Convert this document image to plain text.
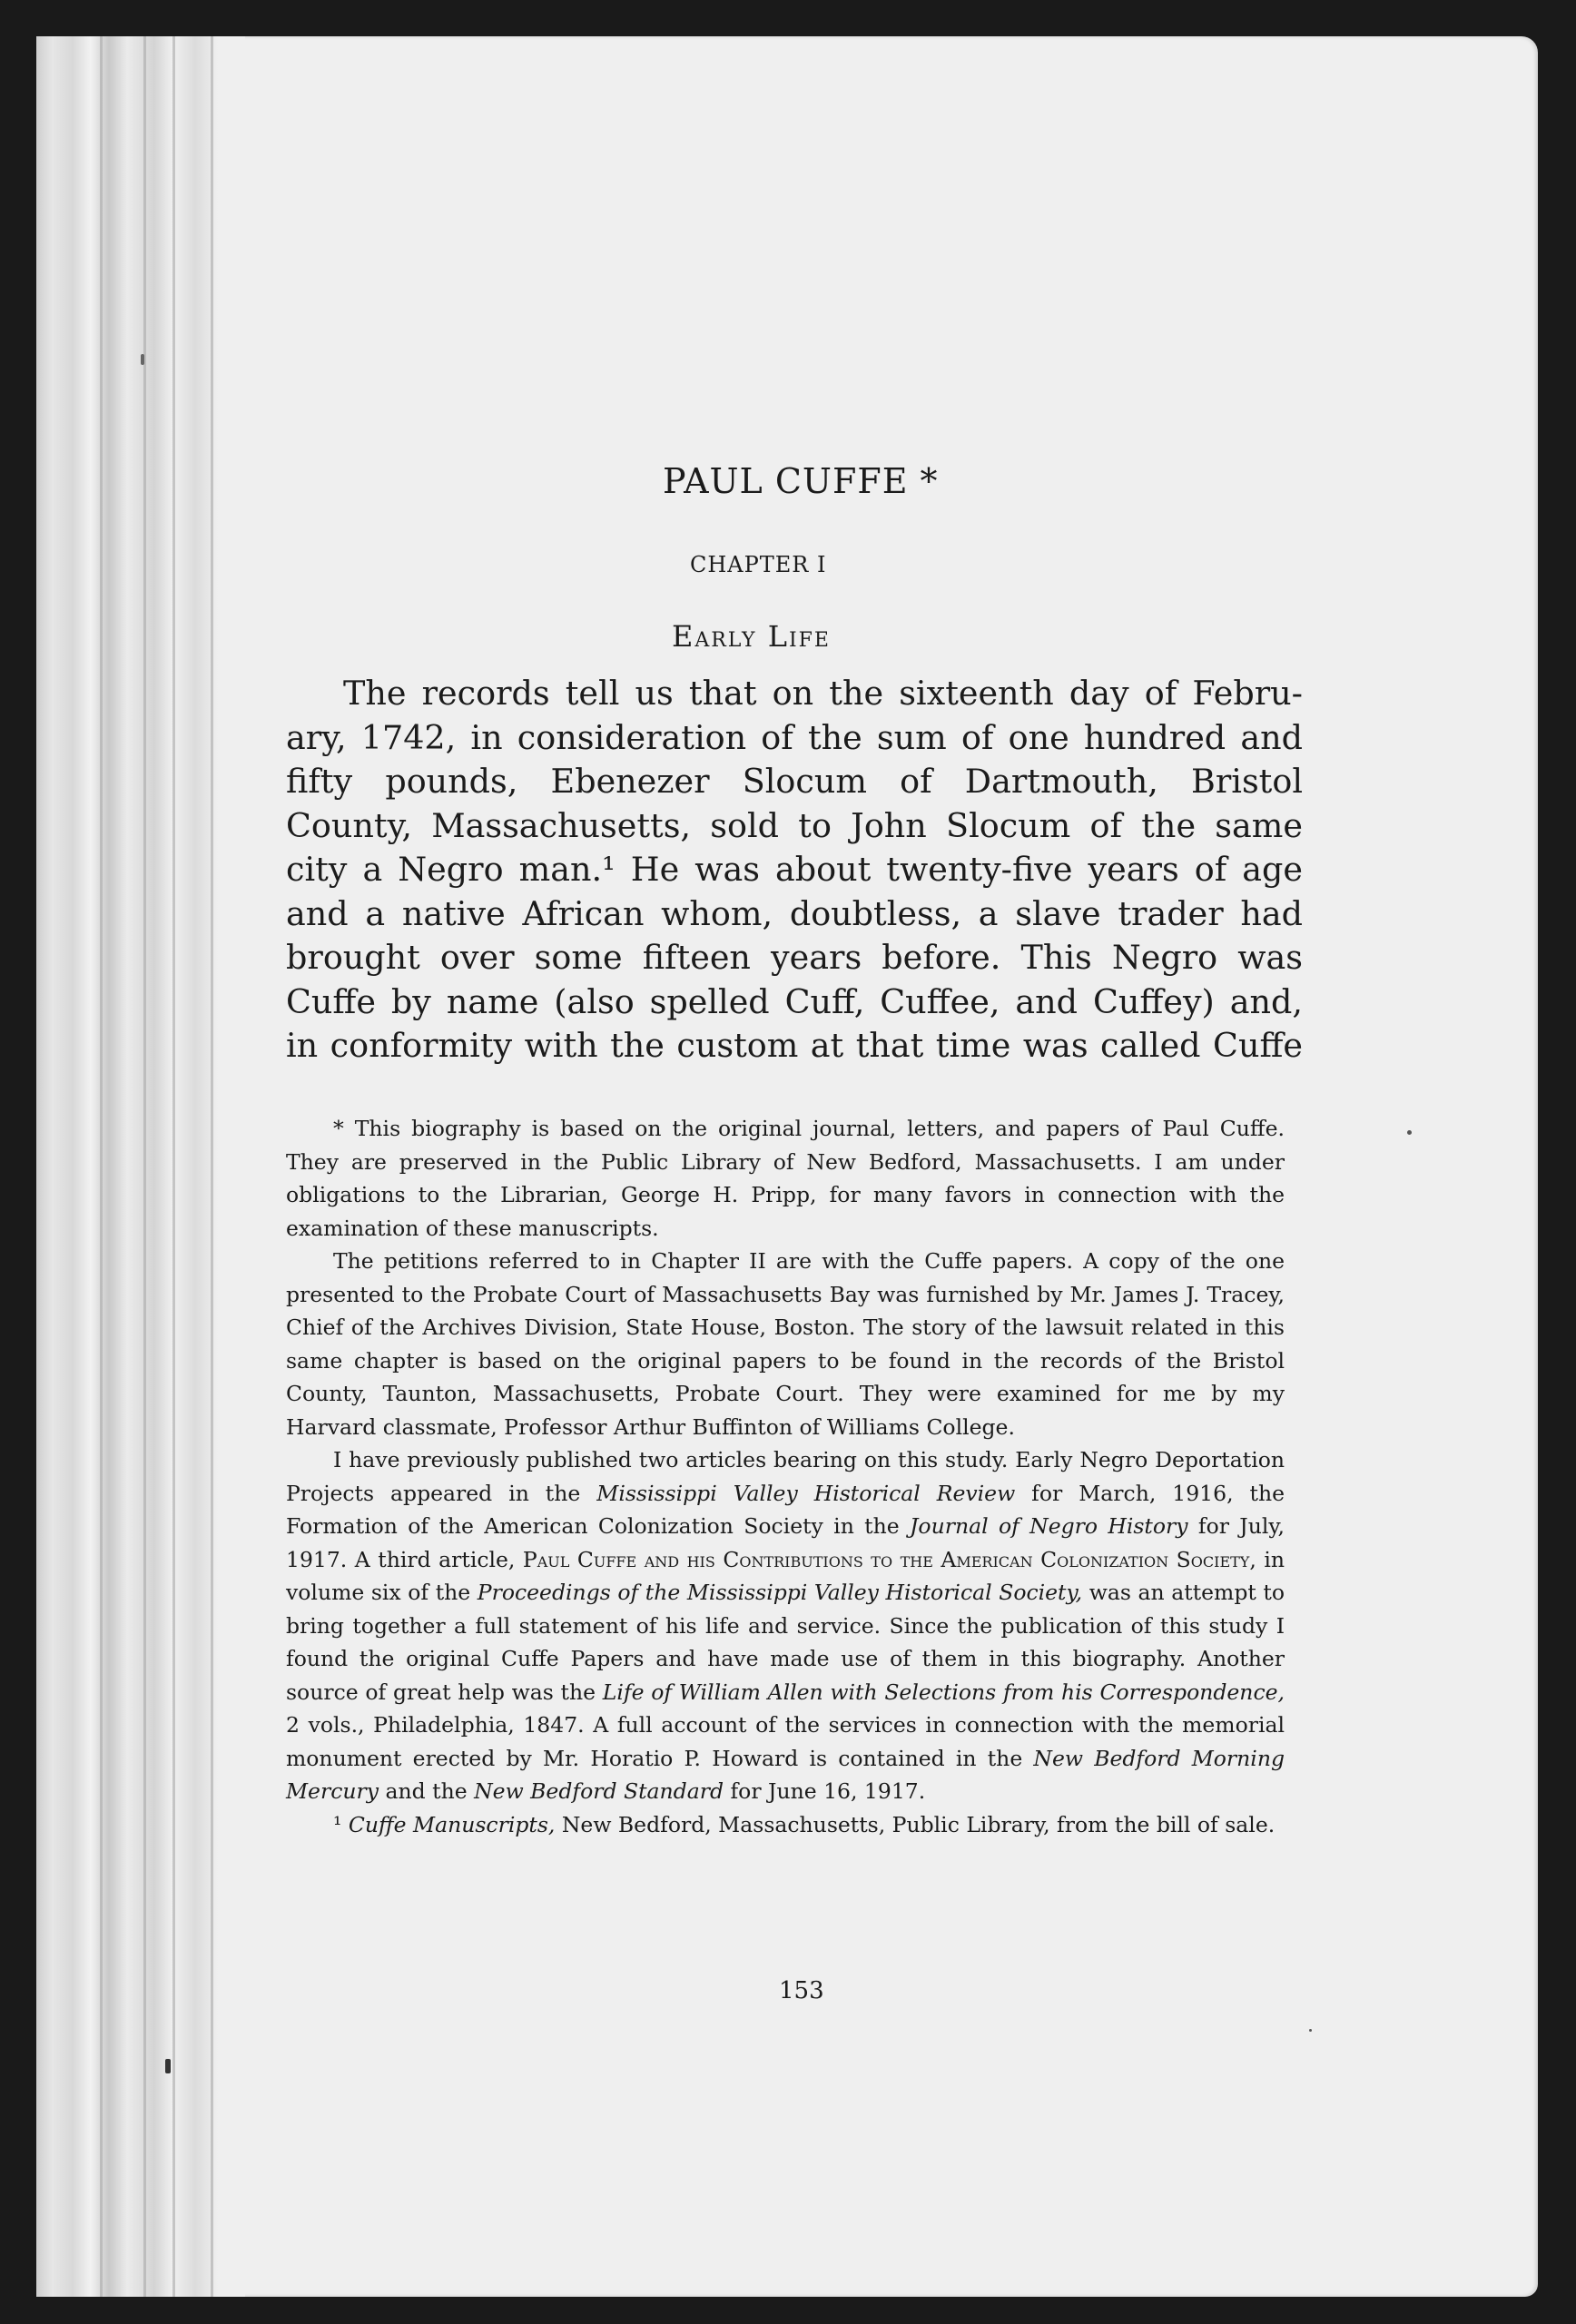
PAUL CUFFE *
CHAPTER I
Early Life
The records tell us that on the sixteenth day of Febru-
ary, 1742, in consideration of the sum of one hundred and
fifty pounds, Ebenezer Slocum of Dartmouth, Bristol
County, Massachusetts, sold to John Slocum of the same
city a Negro man.¹ He was about twenty-five years of age
and a native African whom, doubtless, a slave trader had
brought over some fifteen years before. This Negro was
Cuffe by name (also spelled Cuff, Cuffee, and Cuffey) and,
in conformity with the custom at that time was called Cuffe

* This biography is based on the original journal, letters, and papers of Paul Cuffe. They are preserved in the Public Library of New Bedford, Massachusetts. I am under obligations to the Librarian, George H. Pripp, for many favors in connection with the examination of these manuscripts.

The petitions referred to in Chapter II are with the Cuffe papers. A copy of the one presented to the Probate Court of Massachusetts Bay was furnished by Mr. James J. Tracey, Chief of the Archives Division, State House, Boston. The story of the lawsuit related in this same chapter is based on the original papers to be found in the records of the Bristol County, Taunton, Massachusetts, Probate Court. They were examined for me by my Harvard classmate, Professor Arthur Buffinton of Williams College.

I have previously published two articles bearing on this study. Early Negro Deportation Projects appeared in the Mississippi Valley Historical Review for March, 1916, the Formation of the American Colonization Society in the Journal of Negro History for July, 1917. A third article, Paul Cuffe and his Contributions to the American Colonization Society, in volume six of the Proceedings of the Mississippi Valley Historical Society, was an attempt to bring together a full statement of his life and service. Since the publication of this study I found the original Cuffe Papers and have made use of them in this biography. Another source of great help was the Life of William Allen with Selections from his Correspondence, 2 vols., Philadelphia, 1847. A full account of the services in connection with the memorial monument erected by Mr. Horatio P. Howard is contained in the New Bedford Morning Mercury and the New Bedford Standard for June 16, 1917.

¹ Cuffe Manuscripts, New Bedford, Massachusetts, Public Library, from the bill of sale.

153
